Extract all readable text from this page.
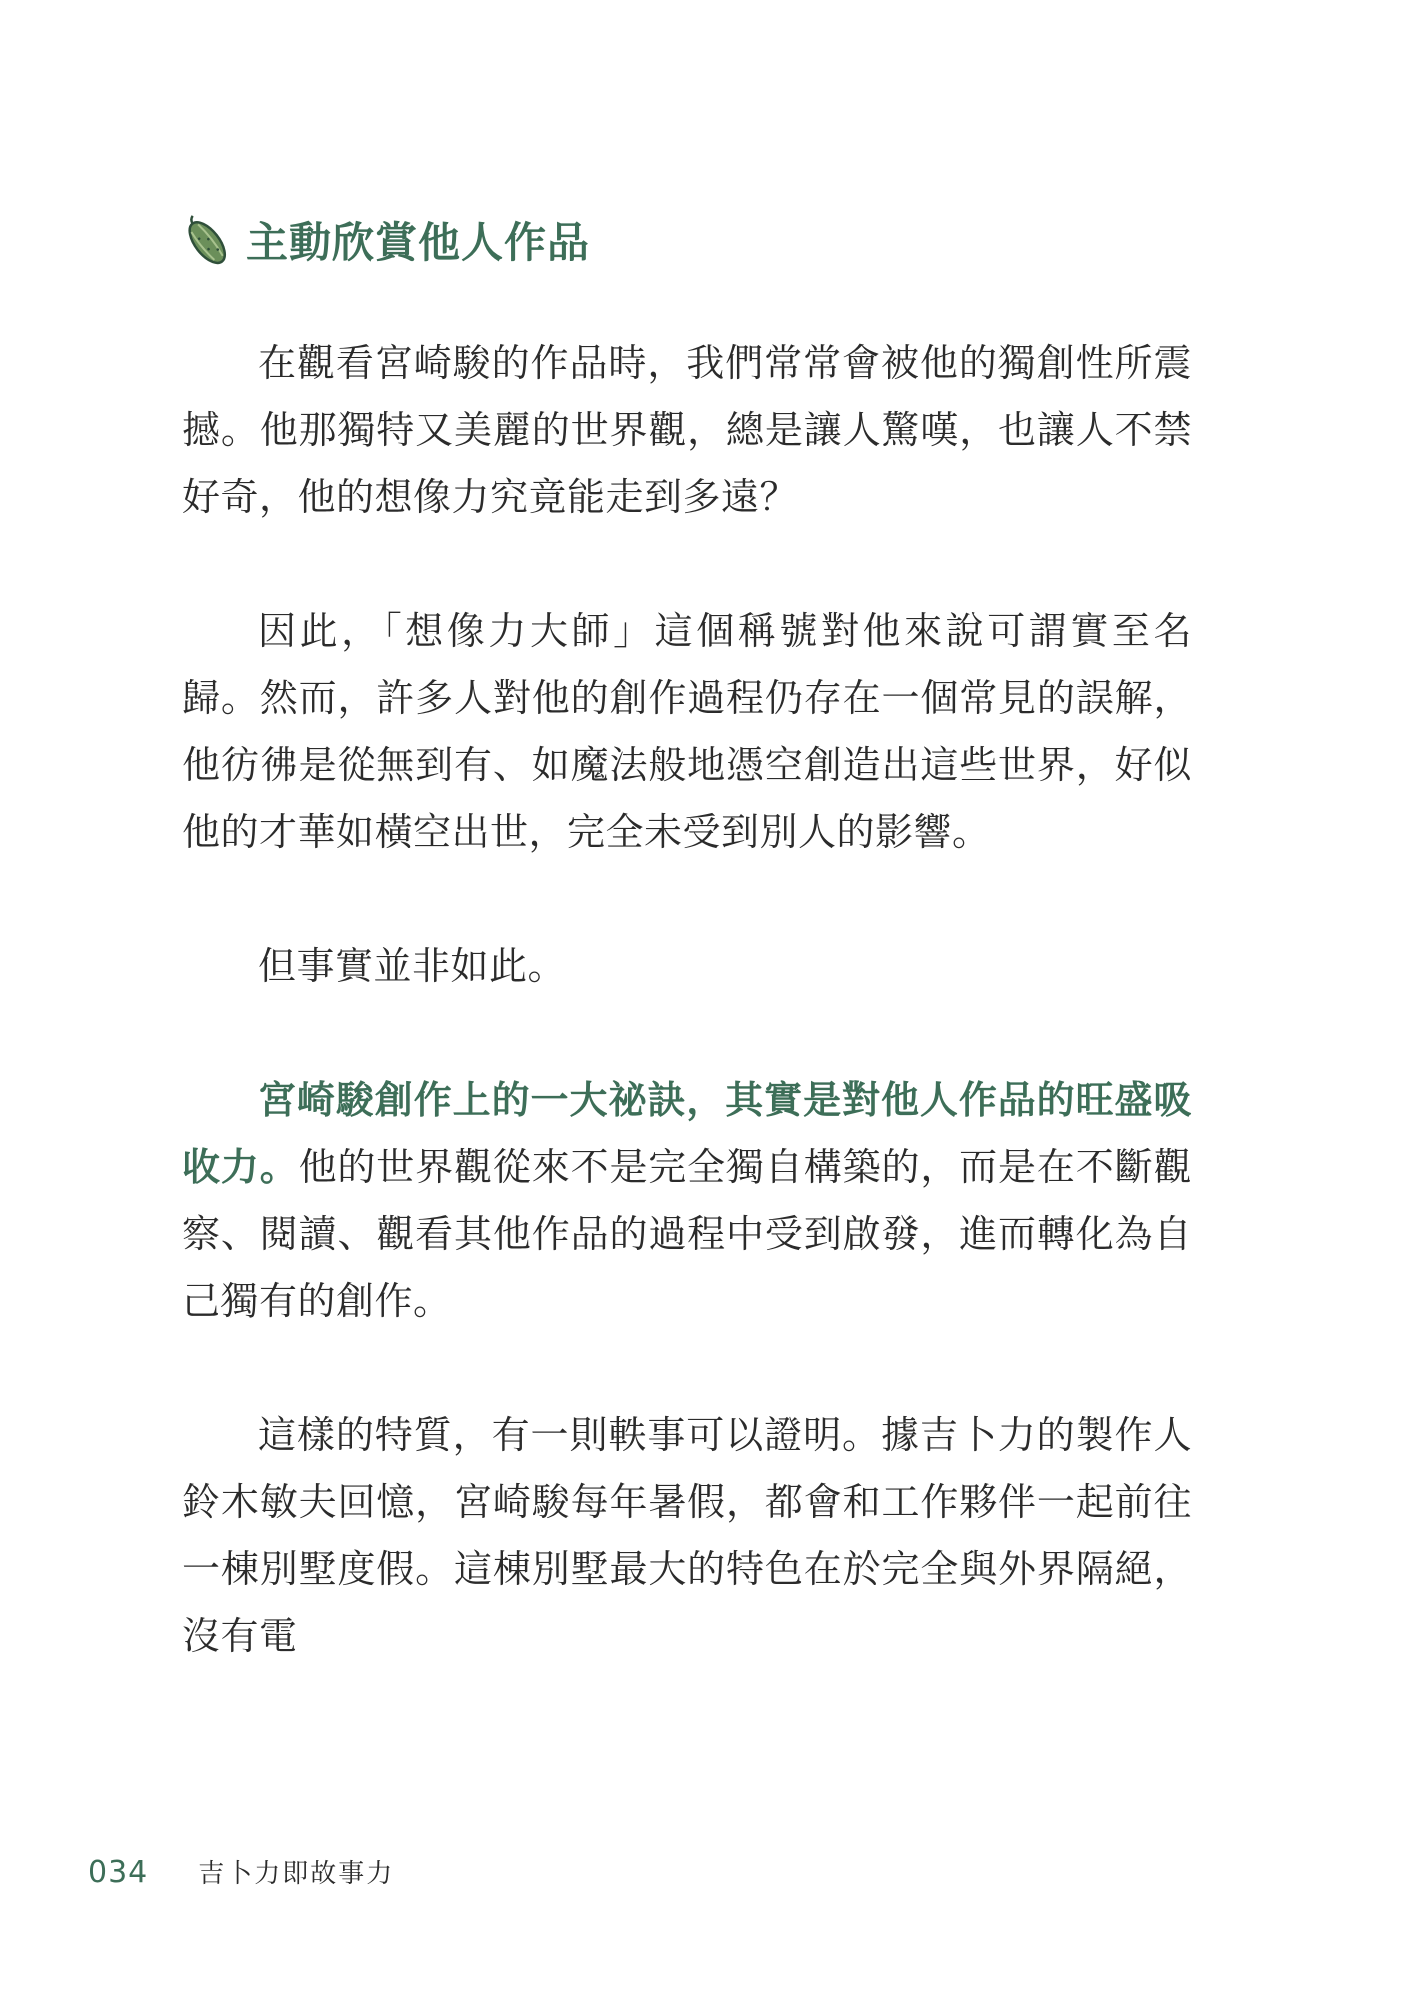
主動欣賞他人作品

在觀看宮崎駿的作品時，我們常常會被他的獨創性所震撼。他那獨特又美麗的世界觀，總是讓人驚嘆，也讓人不禁好奇，他的想像力究竟能走到多遠？

因此，「想像力大師」這個稱號對他來說可謂實至名歸。然而，許多人對他的創作過程仍存在一個常見的誤解，他彷彿是從無到有、如魔法般地憑空創造出這些世界，好似他的才華如橫空出世，完全未受到別人的影響。

但事實並非如此。

宮崎駿創作上的一大祕訣，其實是對他人作品的旺盛吸收力。他的世界觀從來不是完全獨自構築的，而是在不斷觀察、閱讀、觀看其他作品的過程中受到啟發，進而轉化為自己獨有的創作。

這樣的特質，有一則軼事可以證明。據吉卜力的製作人鈴木敏夫回憶，宮崎駿每年暑假，都會和工作夥伴一起前往一棟別墅度假。這棟別墅最大的特色在於完全與外界隔絕，沒有電

034 吉卜力即故事力
